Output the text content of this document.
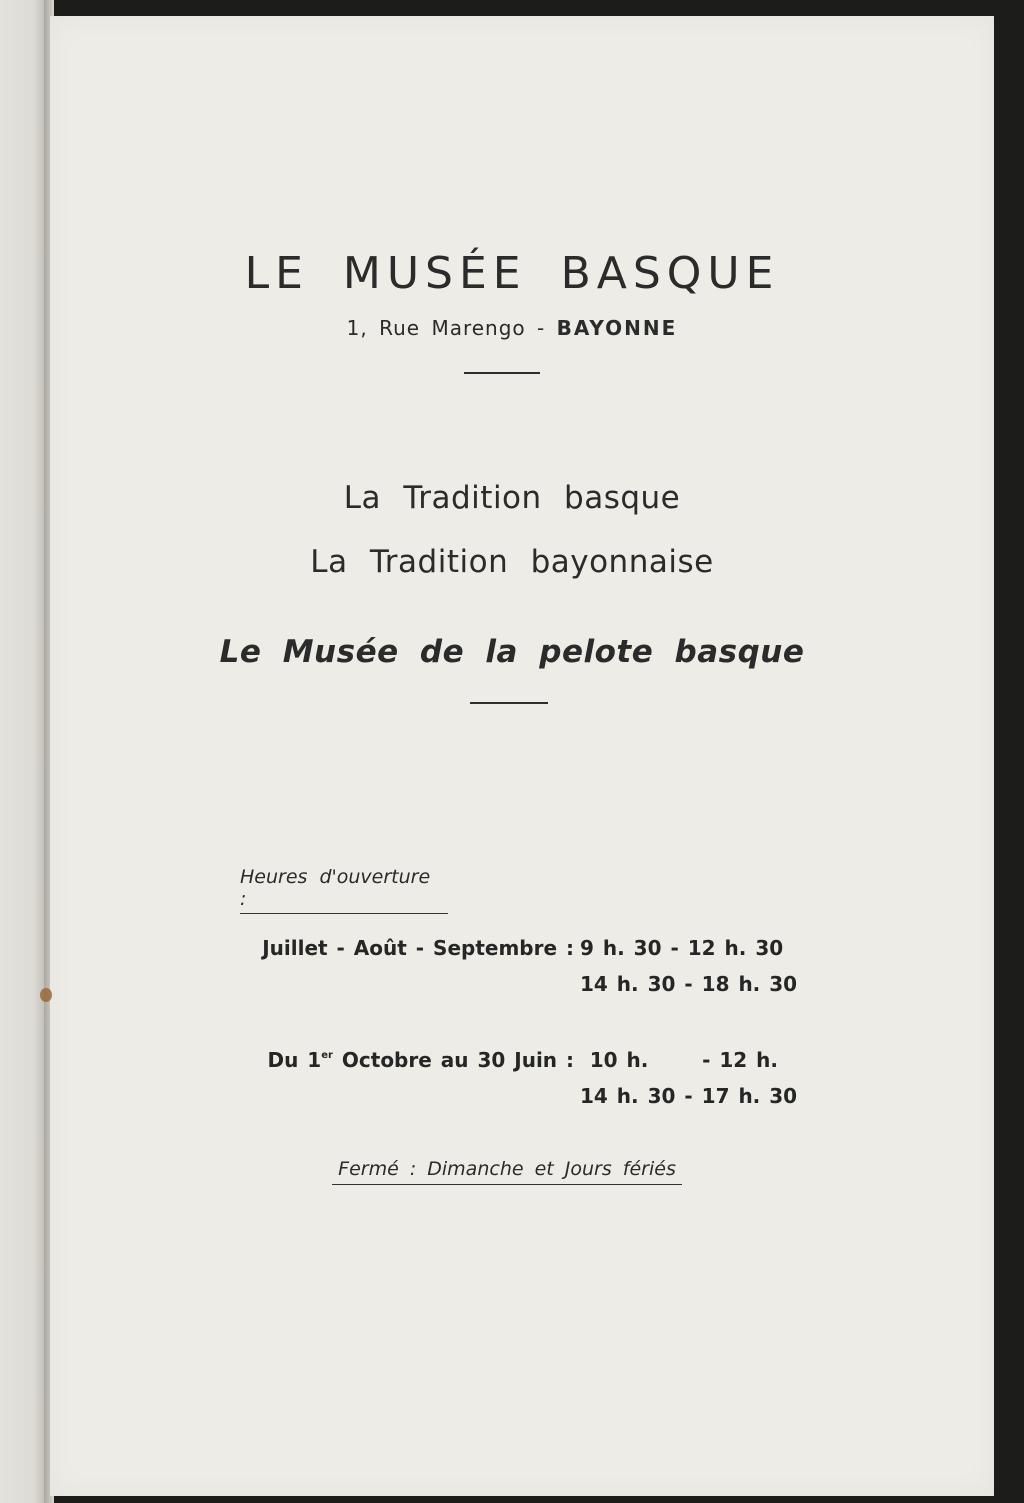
LE MUSÉE BASQUE
1, Rue Marengo - BAYONNE
La Tradition basque
La Tradition bayonnaise
Le Musée de la pelote basque
Heures d'ouverture :
Juillet - Août - Septembre : 9 h. 30 - 12 h. 30
14 h. 30 - 18 h. 30
Du 1er Octobre au 30 Juin : 10 h.      - 12 h.
14 h. 30 - 17 h. 30
Fermé : Dimanche et Jours fériés
